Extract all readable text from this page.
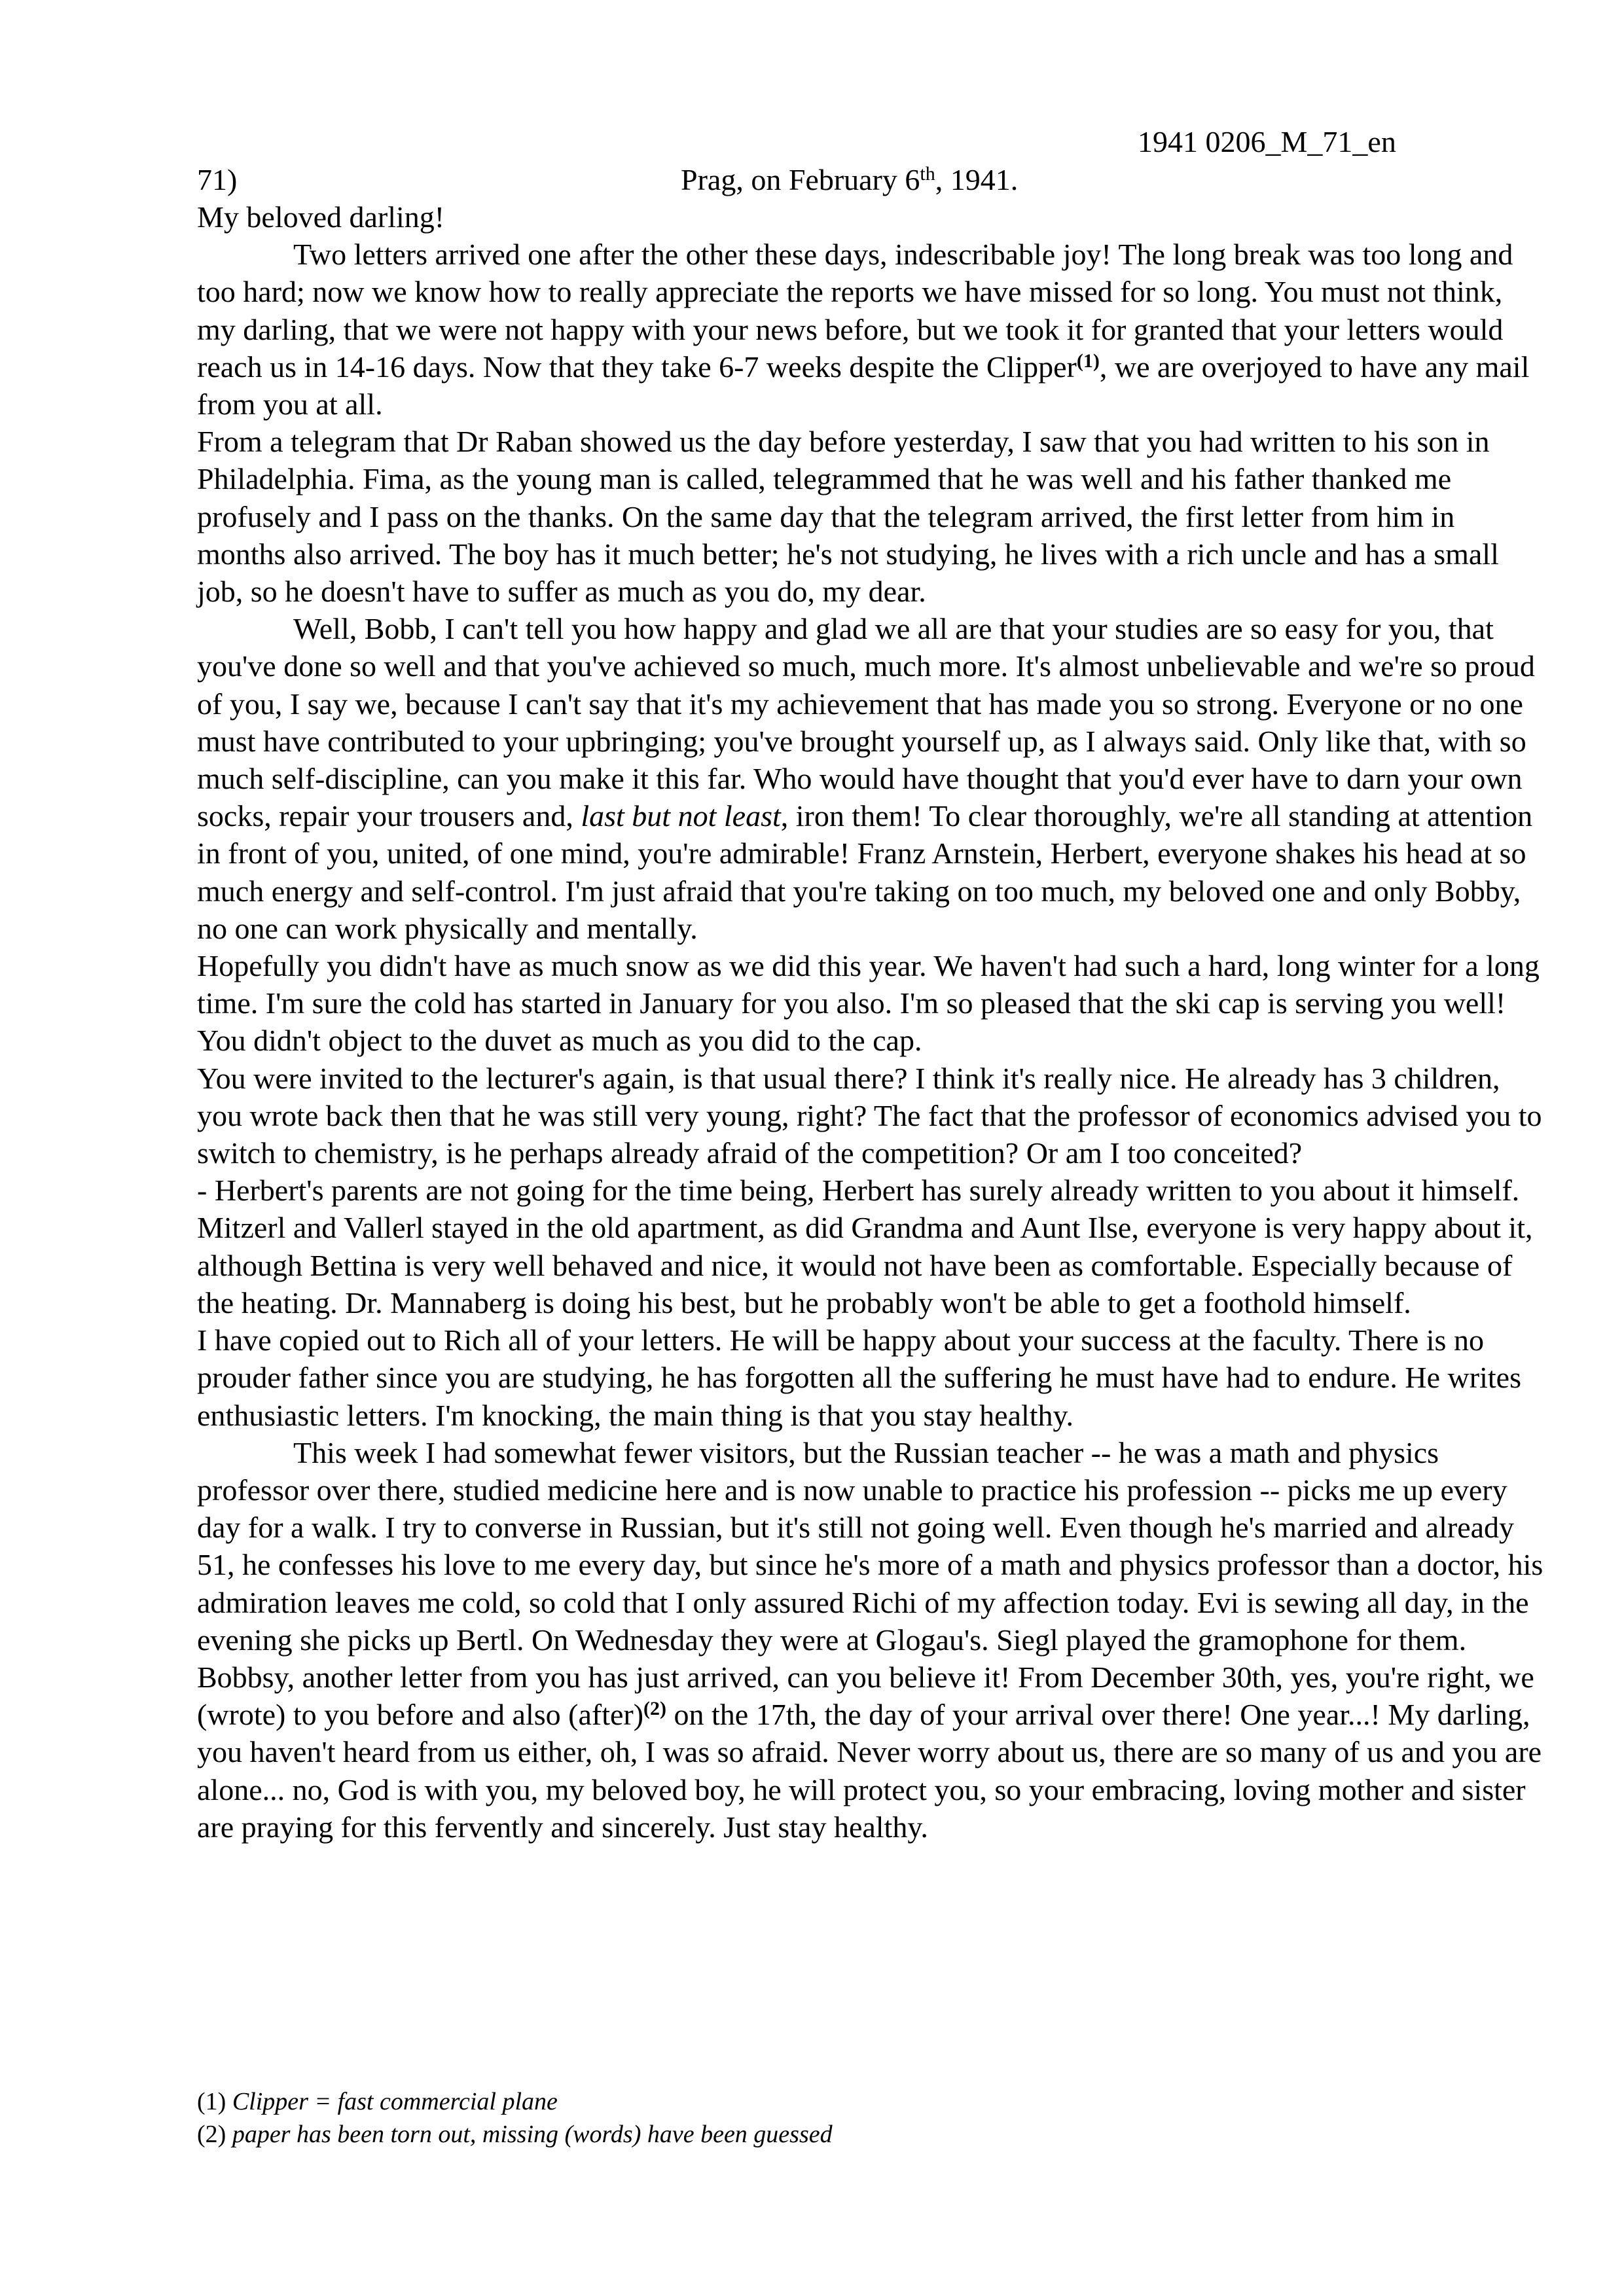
1941 0206_M_71_en
71)	Prag, on February 6th, 1941.

My beloved darling!

Two letters arrived one after the other these days, indescribable joy! The long break was too long and too hard; now we know how to really appreciate the reports we have missed for so long. You must not think, my darling, that we were not happy with your news before, but we took it for granted that your letters would reach us in 14-16 days. Now that they take 6-7 weeks despite the Clipper$^{(1)}$, we are overjoyed to have any mail from you at all.

From a telegram that Dr Raban showed us the day before yesterday, I saw that you had written to his son in Philadelphia. Fima, as the young man is called, telegrammed that he was well and his father thanked me profusely and I pass on the thanks. On the same day that the telegram arrived, the first letter from him in months also arrived. The boy has it much better; he's not studying, he lives with a rich uncle and has a small job, so he doesn't have to suffer as much as you do, my dear.

Well, Bobb, I can't tell you how happy and glad we all are that your studies are so easy for you, that you've done so well and that you've achieved so much, much more. It's almost unbelievable and we're so proud of you, I say we, because I can't say that it's my achievement that has made you so strong. Everyone or no one must have contributed to your upbringing; you've brought yourself up, as I always said. Only like that, with so much self-discipline, can you make it this far. Who would have thought that you'd ever have to darn your own socks, repair your trousers and, last but not least, iron them! To clear thoroughly, we're all standing at attention in front of you, united, of one mind, you're admirable! Franz Arnstein, Herbert, everyone shakes his head at so much energy and self-control. I'm just afraid that you're taking on too much, my beloved one and only Bobby, no one can work physically and mentally.

Hopefully you didn't have as much snow as we did this year. We haven't had such a hard, long winter for a long time. I'm sure the cold has started in January for you also. I'm so pleased that the ski cap is serving you well! You didn't object to the duvet as much as you did to the cap.

You were invited to the lecturer's again, is that usual there? I think it's really nice. He already has 3 children, you wrote back then that he was still very young, right? The fact that the professor of economics advised you to switch to chemistry, is he perhaps already afraid of the competition? Or am I too conceited?

- Herbert's parents are not going for the time being, Herbert has surely already written to you about it himself. Mitzerl and Vallerl stayed in the old apartment, as did Grandma and Aunt Ilse, everyone is very happy about it, although Bettina is very well behaved and nice, it would not have been as comfortable. Especially because of the heating. Dr. Mannaberg is doing his best, but he probably won't be able to get a foothold himself.

I have copied out to Rich all of your letters. He will be happy about your success at the faculty. There is no prouder father since you are studying, he has forgotten all the suffering he must have had to endure. He writes enthusiastic letters. I'm knocking, the main thing is that you stay healthy.

This week I had somewhat fewer visitors, but the Russian teacher -- he was a math and physics professor over there, studied medicine here and is now unable to practice his profession -- picks me up every day for a walk. I try to converse in Russian, but it's still not going well. Even though he's married and already 51, he confesses his love to me every day, but since he's more of a math and physics professor than a doctor, his admiration leaves me cold, so cold that I only assured Richi of my affection today. Evi is sewing all day, in the evening she picks up Bertl. On Wednesday they were at Glogau's. Siegl played the gramophone for them.

Bobbsy, another letter from you has just arrived, can you believe it! From December 30th, yes, you're right, we (wrote) to you before and also (after)$^{(2)}$ on the 17th, the day of your arrival over there! One year...! My darling, you haven't heard from us either, oh, I was so afraid. Never worry about us, there are so many of us and you are alone... no, God is with you, my beloved boy, he will protect you, so your embracing, loving mother and sister are praying for this fervently and sincerely. Just stay healthy.

(1) Clipper = fast commercial plane

(2) paper has been torn out, missing (words) have been guessed
